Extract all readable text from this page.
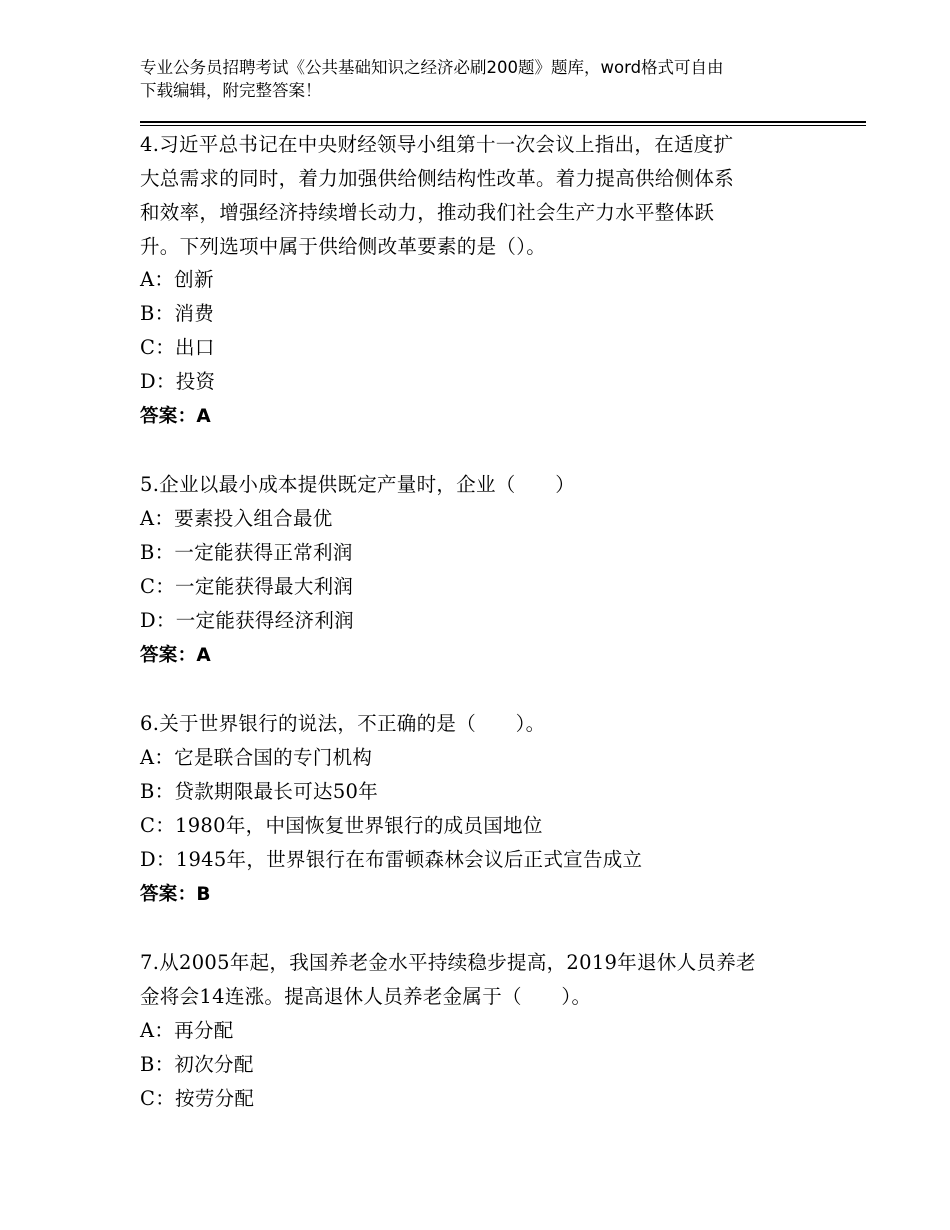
专业公务员招聘考试《公共基础知识之经济必刷200题》题库，word格式可自由
下载编辑，附完整答案！
4.习近平总书记在中央财经领导小组第十一次会议上指出，在适度扩
大总需求的同时，着力加强供给侧结构性改革。着力提高供给侧体系
和效率，增强经济持续增长动力，推动我们社会生产力水平整体跃
升。下列选项中属于供给侧改革要素的是（）。
A：创新
B：消费
C：出口
D：投资
答案：A
5.企业以最小成本提供既定产量时，企业（　　）
A：要素投入组合最优
B：一定能获得正常利润
C：一定能获得最大利润
D：一定能获得经济利润
答案：A
6.关于世界银行的说法，不正确的是（　　）。
A：它是联合国的专门机构
B：贷款期限最长可达50年
C：1980年，中国恢复世界银行的成员国地位
D：1945年，世界银行在布雷顿森林会议后正式宣告成立
答案：B
7.从2005年起，我国养老金水平持续稳步提高，2019年退休人员养老
金将会14连涨。提高退休人员养老金属于（　　）。
A：再分配
B：初次分配
C：按劳分配
